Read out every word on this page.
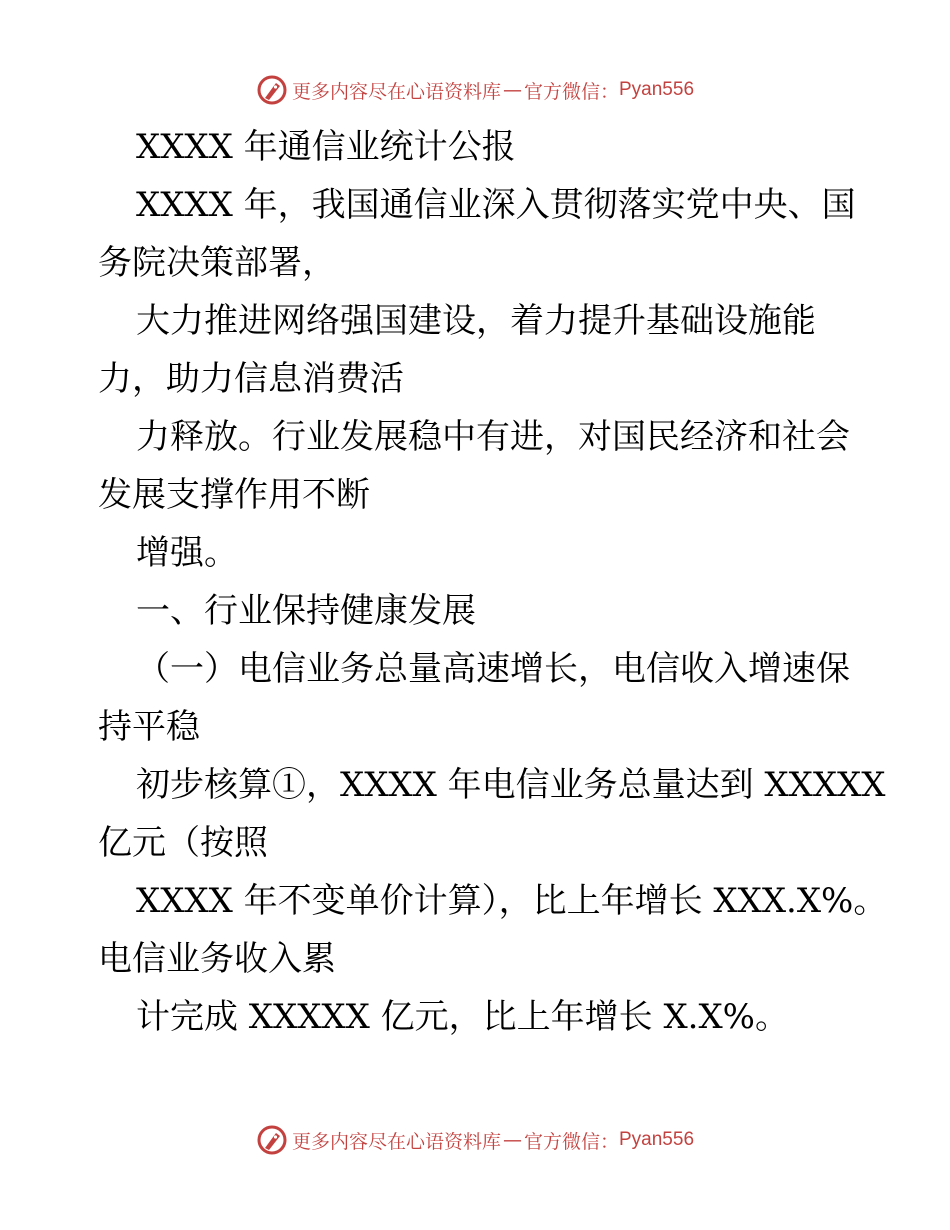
更多内容尽在心语资料库 — 官方微信： Pyan556

XXXX 年通信业统计公报

XXXX 年，我国通信业深入贯彻落实党中央、国

务院决策部署，

大力推进网络强国建设，着力提升基础设施能

力，助力信息消费活

力释放。行业发展稳中有进，对国民经济和社会

发展支撑作用不断

增强。

一、行业保持健康发展

（一）电信业务总量高速增长，电信收入增速保

持平稳

初步核算①，XXXX 年电信业务总量达到 XXXXX

亿元（按照

XXXX 年不变单价计算），比上年增长 XXX.X%。

电信业务收入累

计完成 XXXXX 亿元，比上年增长 X.X%。

更多内容尽在心语资料库 — 官方微信： Pyan556
